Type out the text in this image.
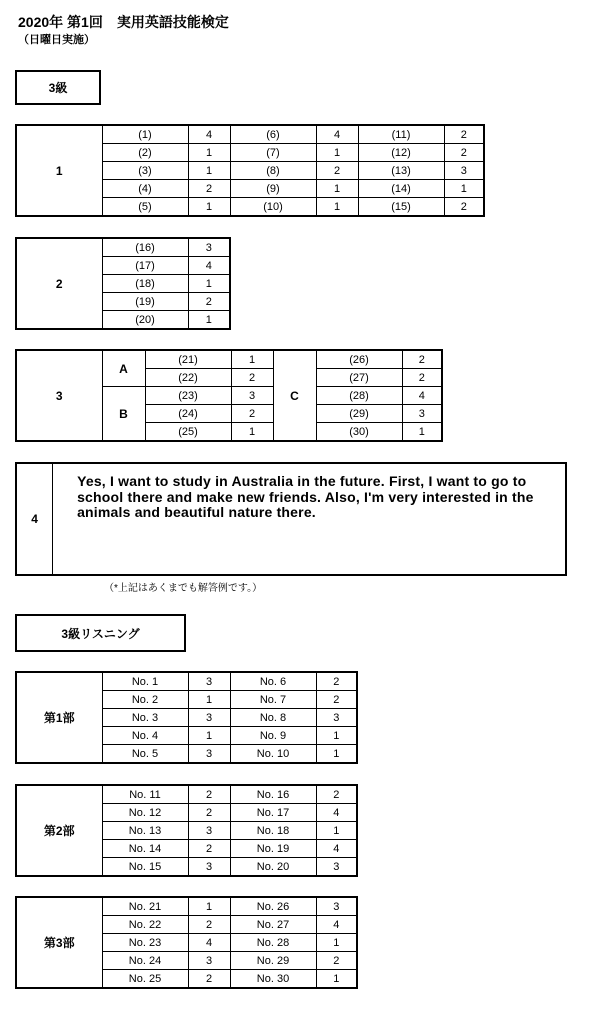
2020年 第1回　実用英語技能検定
（日曜日実施）
3級
1	(1)	4	(6)	4	(11)	2
	(2)	1	(7)	1	(12)	2
	(3)	1	(8)	2	(13)	3
	(4)	2	(9)	1	(14)	1
	(5)	1	(10)	1	(15)	2
2	(16)	3
	(17)	4
	(18)	1
	(19)	2
	(20)	1
3	A	(21)	1	C	(26)	2
		(22)	2		(27)	2
	B	(23)	3		(28)	4
		(24)	2		(29)	3
		(25)	1		(30)	1
4
Yes, I want to study in Australia in the future. First, I want to go to school there and make new friends. Also, I'm very interested in the animals and beautiful nature there.
（*上記はあくまでも解答例です。）
3級リスニング
第1部	No. 1	3	No. 6	2
	No. 2	1	No. 7	2
	No. 3	3	No. 8	3
	No. 4	1	No. 9	1
	No. 5	3	No. 10	1
第2部	No. 11	2	No. 16	2
	No. 12	2	No. 17	4
	No. 13	3	No. 18	1
	No. 14	2	No. 19	4
	No. 15	3	No. 20	3
第3部	No. 21	1	No. 26	3
	No. 22	2	No. 27	4
	No. 23	4	No. 28	1
	No. 24	3	No. 29	2
	No. 25	2	No. 30	1
